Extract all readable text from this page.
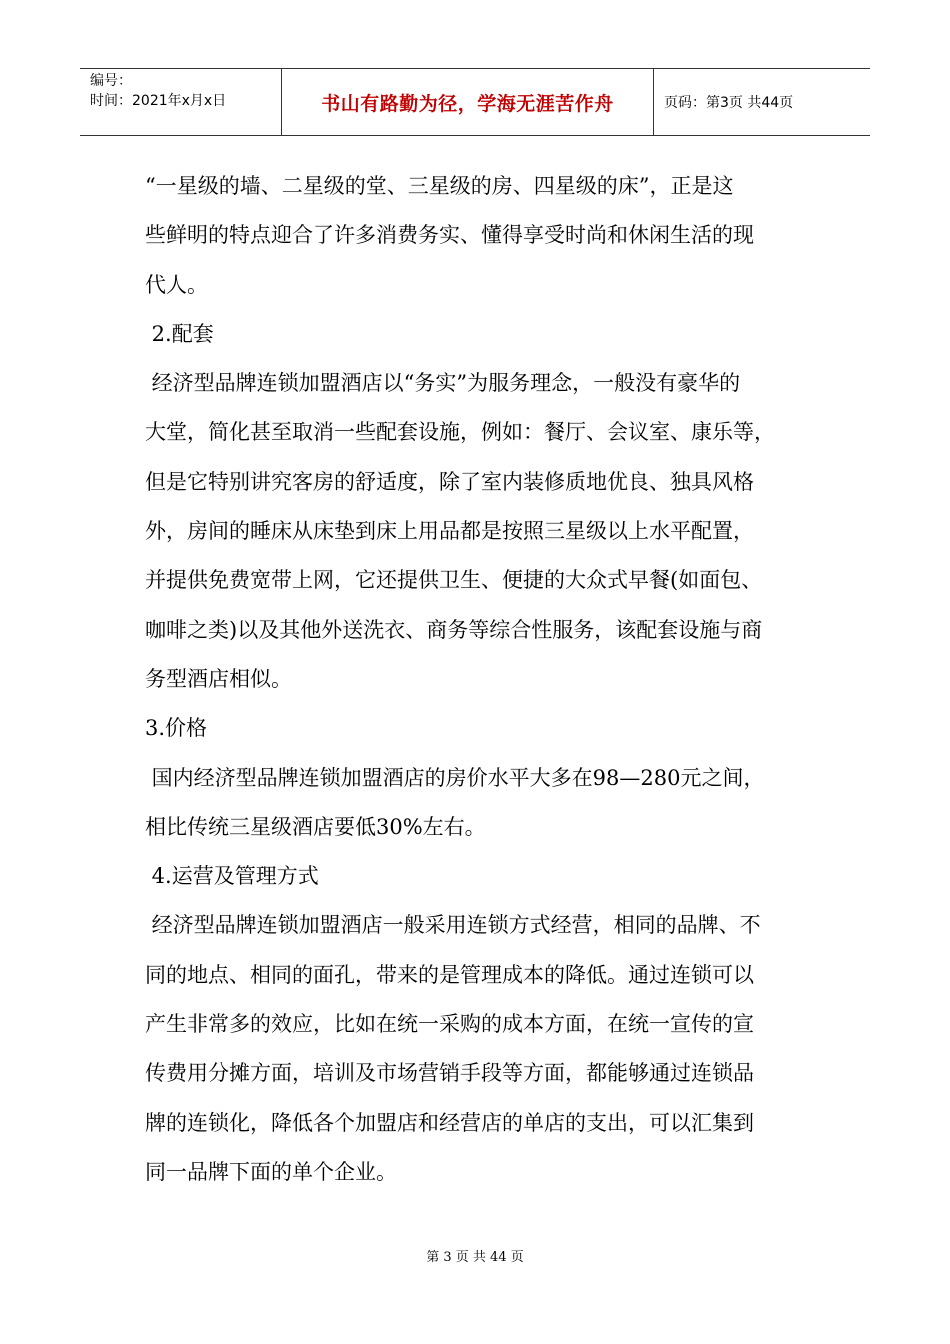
编号：
时间：2021年x月x日	书山有路勤为径，学海无涯苦作舟	页码：第3页 共44页
“一星级的墙、二星级的堂、三星级的房、四星级的床”，正是这
些鲜明的特点迎合了许多消费务实、懂得享受时尚和休闲生活的现
代人。
2.配套
经济型品牌连锁加盟酒店以“务实”为服务理念，一般没有豪华的
大堂，简化甚至取消一些配套设施，例如：餐厅、会议室、康乐等，
但是它特别讲究客房的舒适度，除了室内装修质地优良、独具风格
外，房间的睡床从床垫到床上用品都是按照三星级以上水平配置，
并提供免费宽带上网，它还提供卫生、便捷的大众式早餐(如面包、
咖啡之类)以及其他外送洗衣、商务等综合性服务，该配套设施与商
务型酒店相似。
3.价格
国内经济型品牌连锁加盟酒店的房价水平大多在98—280元之间，
相比传统三星级酒店要低30%左右。
4.运营及管理方式
经济型品牌连锁加盟酒店一般采用连锁方式经营，相同的品牌、不
同的地点、相同的面孔，带来的是管理成本的降低。通过连锁可以
产生非常多的效应，比如在统一采购的成本方面，在统一宣传的宣
传费用分摊方面，培训及市场营销手段等方面，都能够通过连锁品
牌的连锁化，降低各个加盟店和经营店的单店的支出，可以汇集到
同一品牌下面的单个企业。
第 3 页 共 44 页
